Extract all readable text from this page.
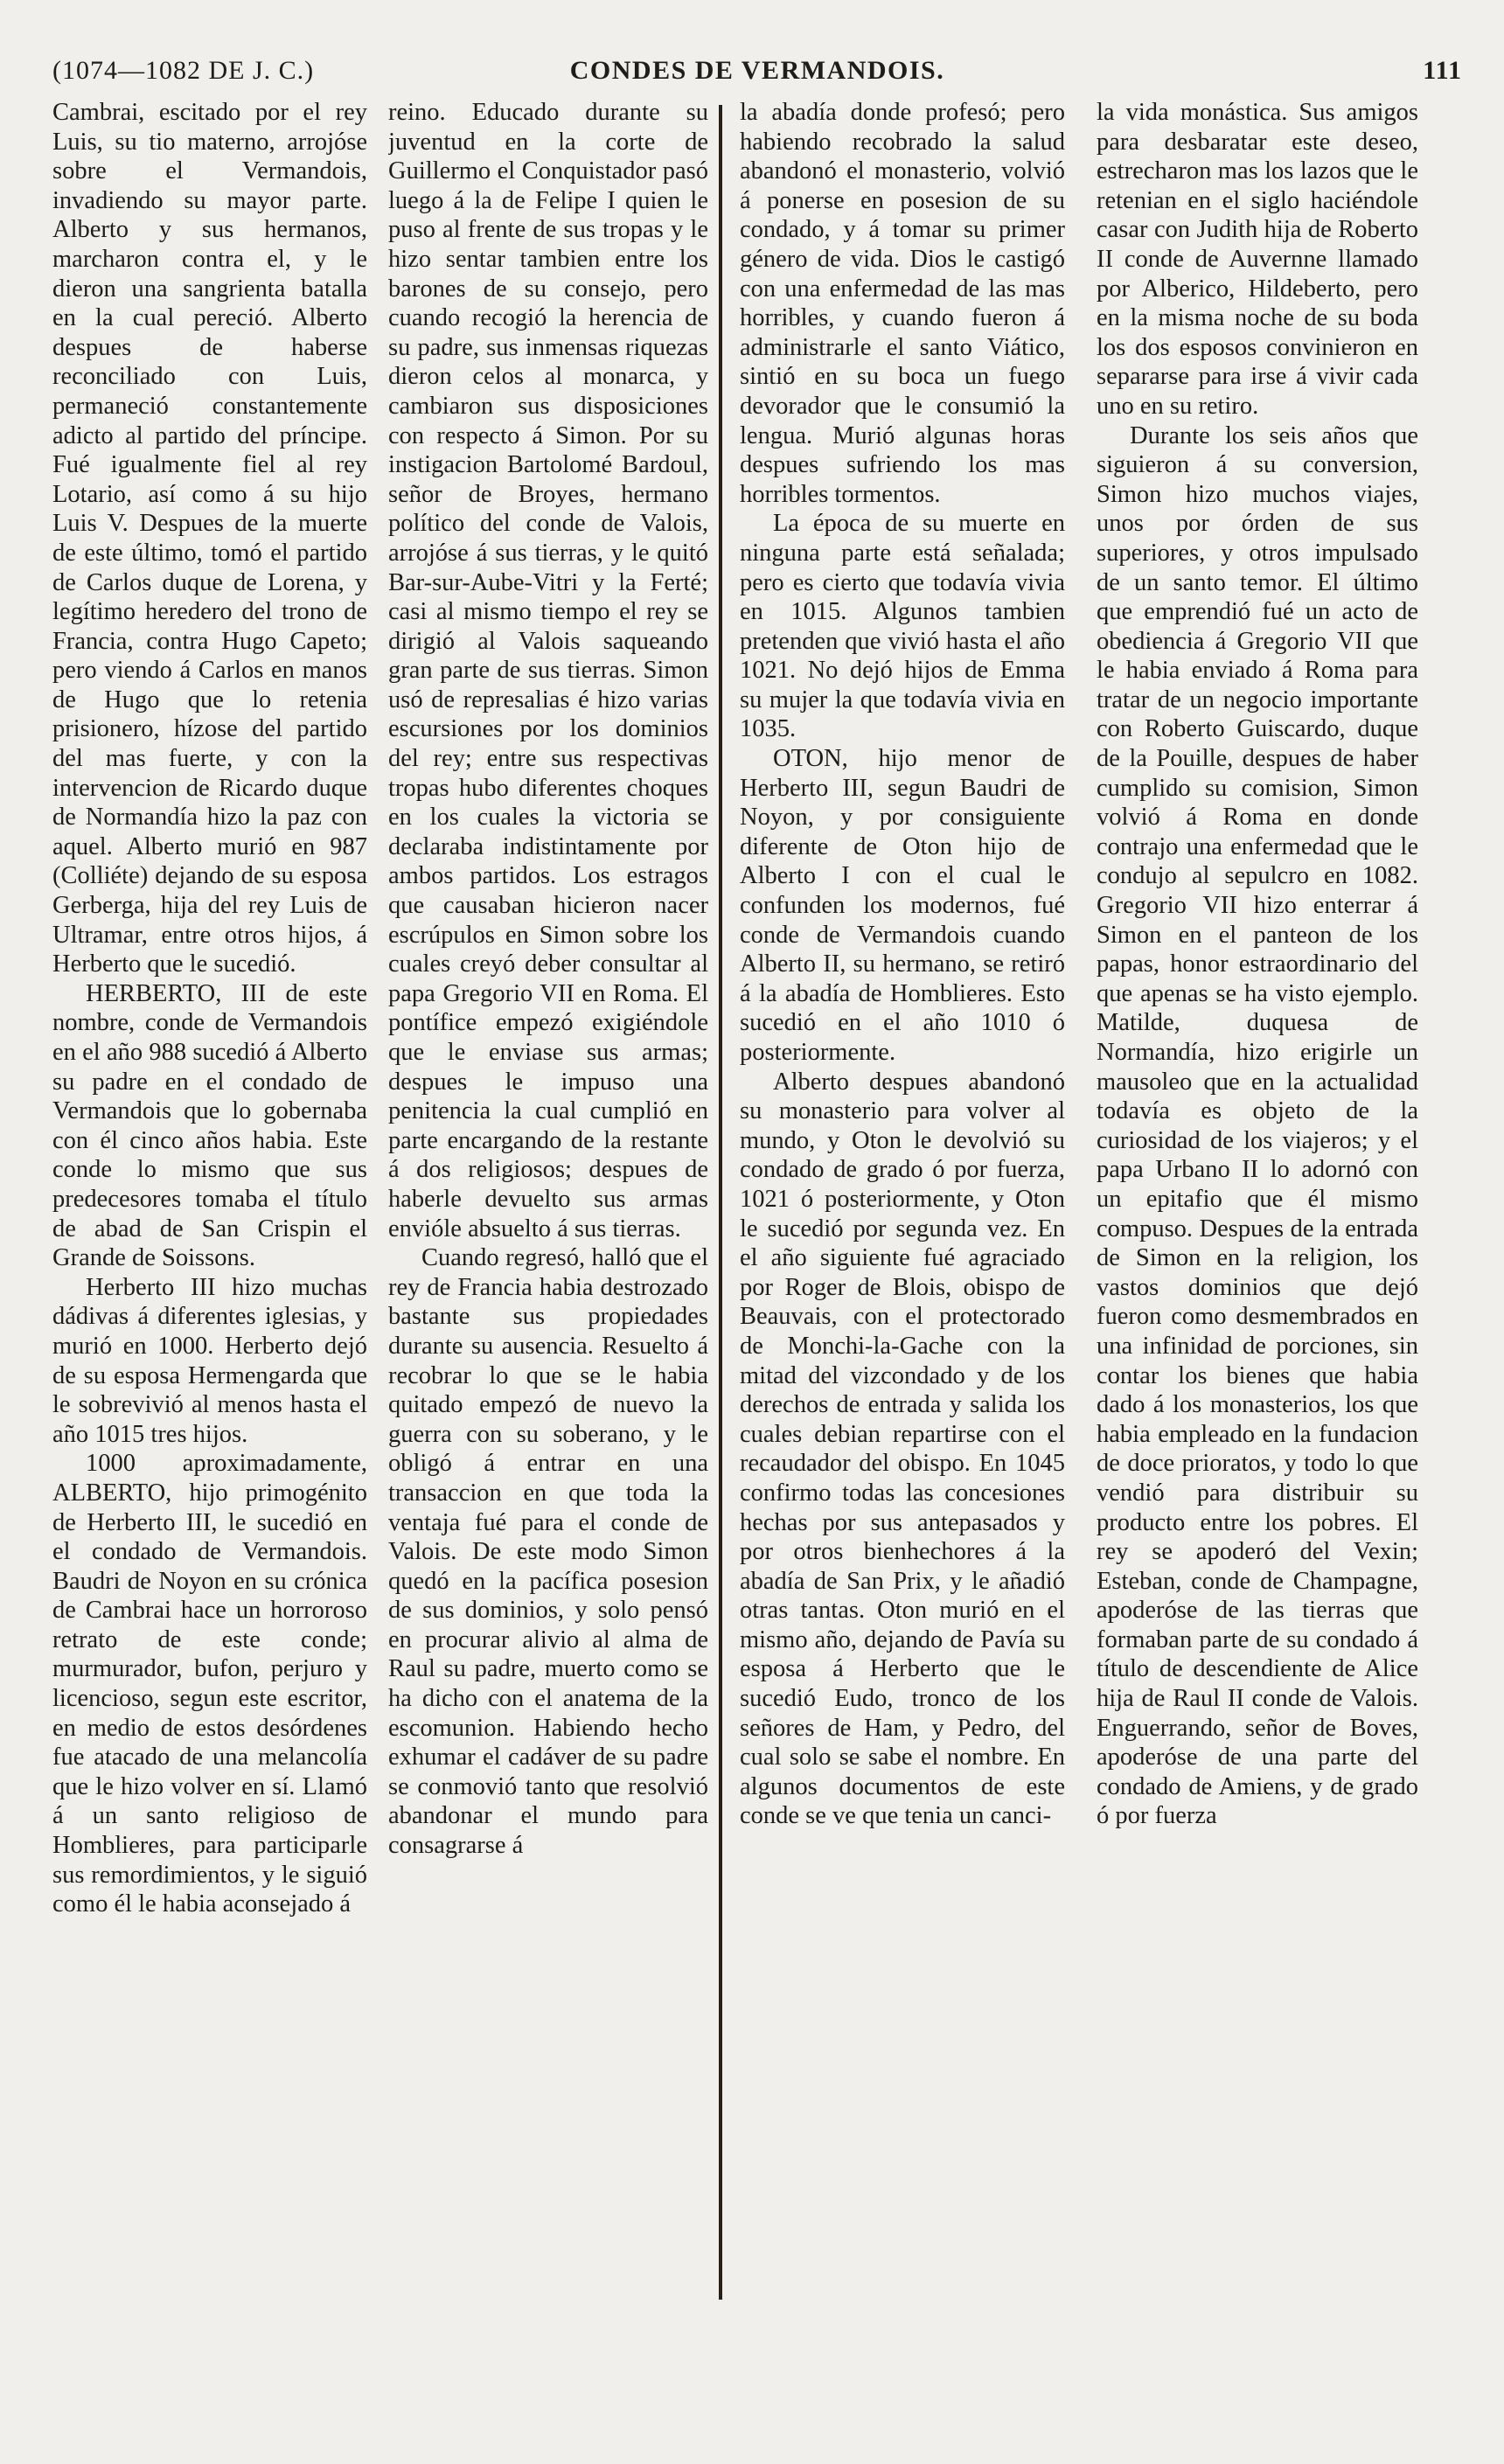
(1074—1082 DE J. C.)	CONDES DE VERMANDOIS.	111

Cambrai, escitado por el rey Luis, su tio materno, arrojóse sobre el Vermandois, invadiendo su mayor parte. Alberto y sus hermanos, marcharon contra el, y le dieron una sangrienta batalla en la cual pereció. Alberto despues de haberse reconciliado con Luis, permaneció constantemente adicto al partido del príncipe. Fué igualmente fiel al rey Lotario, así como á su hijo Luis V. Despues de la muerte de este último, tomó el partido de Carlos duque de Lorena, y legítimo heredero del trono de Francia, contra Hugo Capeto; pero viendo á Carlos en manos de Hugo que lo retenia prisionero, hízose del partido del mas fuerte, y con la intervencion de Ricardo duque de Normandía hizo la paz con aquel. Alberto murió en 987 (Colliéte) dejando de su esposa Gerberga, hija del rey Luis de Ultramar, entre otros hijos, á Herberto que le sucedió.

HERBERTO, III de este nombre, conde de Vermandois en el año 988 sucedió á Alberto su padre en el condado de Vermandois que lo gobernaba con él cinco años habia. Este conde lo mismo que sus predecesores tomaba el título de abad de San Crispin el Grande de Soissons.

Herberto III hizo muchas dádivas á diferentes iglesias, y murió en 1000. Herberto dejó de su esposa Hermengarda que le sobrevivió al menos hasta el año 1015 tres hijos.

1000 aproximadamente, ALBERTO, hijo primogénito de Herberto III, le sucedió en el condado de Vermandois. Baudri de Noyon en su crónica de Cambrai hace un horroroso retrato de este conde; murmurador, bufon, perjuro y licencioso, segun este escritor, en medio de estos desórdenes fue atacado de una melancolía que le hizo volver en sí. Llamó á un santo religioso de Homblieres, para participarle sus remordimientos, y le siguió como él le habia aconsejado á

reino. Educado durante su juventud en la corte de Guillermo el Conquistador pasó luego á la de Felipe I quien le puso al frente de sus tropas y le hizo sentar tambien entre los barones de su consejo, pero cuando recogió la herencia de su padre, sus inmensas riquezas dieron celos al monarca, y cambiaron sus disposiciones con respecto á Simon. Por su instigacion Bartolomé Bardoul, señor de Broyes, hermano político del conde de Valois, arrojóse á sus tierras, y le quitó Bar-sur-Aube-Vitri y la Ferté; casi al mismo tiempo el rey se dirigió al Valois saqueando gran parte de sus tierras. Simon usó de represalias é hizo varias escursiones por los dominios del rey; entre sus respectivas tropas hubo diferentes choques en los cuales la victoria se declaraba indistintamente por ambos partidos. Los estragos que causaban hicieron nacer escrúpulos en Simon sobre los cuales creyó deber consultar al papa Gregorio VII en Roma. El pontífice empezó exigiéndole que le enviase sus armas; despues le impuso una penitencia la cual cumplió en parte encargando de la restante á dos religiosos; despues de haberle devuelto sus armas envióle absuelto á sus tierras.

Cuando regresó, halló que el rey de Francia habia destrozado bastante sus propiedades durante su ausencia. Resuelto á recobrar lo que se le habia quitado empezó de nuevo la guerra con su soberano, y le obligó á entrar en una transaccion en que toda la ventaja fué para el conde de Valois. De este modo Simon quedó en la pacífica posesion de sus dominios, y solo pensó en procurar alivio al alma de Raul su padre, muerto como se ha dicho con el anatema de la escomunion. Habiendo hecho exhumar el cadáver de su padre se conmovió tanto que resolvió abandonar el mundo para consagrarse á

la abadía donde profesó; pero habiendo recobrado la salud abandonó el monasterio, volvió á ponerse en posesion de su condado, y á tomar su primer género de vida. Dios le castigó con una enfermedad de las mas horribles, y cuando fueron á administrarle el santo Viático, sintió en su boca un fuego devorador que le consumió la lengua. Murió algunas horas despues sufriendo los mas horribles tormentos.

La época de su muerte en ninguna parte está señalada; pero es cierto que todavía vivia en 1015. Algunos tambien pretenden que vivió hasta el año 1021. No dejó hijos de Emma su mujer la que todavía vivia en 1035.

OTON, hijo menor de Herberto III, segun Baudri de Noyon, y por consiguiente diferente de Oton hijo de Alberto I con el cual le confunden los modernos, fué conde de Vermandois cuando Alberto II, su hermano, se retiró á la abadía de Homblieres. Esto sucedió en el año 1010 ó posteriormente.

Alberto despues abandonó su monasterio para volver al mundo, y Oton le devolvió su condado de grado ó por fuerza, 1021 ó posteriormente, y Oton le sucedió por segunda vez. En el año siguiente fué agraciado por Roger de Blois, obispo de Beauvais, con el protectorado de Monchi-la-Gache con la mitad del vizcondado y de los derechos de entrada y salida los cuales debian repartirse con el recaudador del obispo. En 1045 confirmo todas las concesiones hechas por sus antepasados y por otros bienhechores á la abadía de San Prix, y le añadió otras tantas. Oton murió en el mismo año, dejando de Pavía su esposa á Herberto que le sucedió Eudo, tronco de los señores de Ham, y Pedro, del cual solo se sabe el nombre. En algunos documentos de este conde se ve que tenia un canci-

la vida monástica. Sus amigos para desbaratar este deseo, estrecharon mas los lazos que le retenian en el siglo haciéndole casar con Judith hija de Roberto II conde de Auvernne llamado por Alberico, Hildeberto, pero en la misma noche de su boda los dos esposos convinieron en separarse para irse á vivir cada uno en su retiro.

Durante los seis años que siguieron á su conversion, Simon hizo muchos viajes, unos por órden de sus superiores, y otros impulsado de un santo temor. El último que emprendió fué un acto de obediencia á Gregorio VII que le habia enviado á Roma para tratar de un negocio importante con Roberto Guiscardo, duque de la Pouille, despues de haber cumplido su comision, Simon volvió á Roma en donde contrajo una enfermedad que le condujo al sepulcro en 1082. Gregorio VII hizo enterrar á Simon en el panteon de los papas, honor estraordinario del que apenas se ha visto ejemplo. Matilde, duquesa de Normandía, hizo erigirle un mausoleo que en la actualidad todavía es objeto de la curiosidad de los viajeros; y el papa Urbano II lo adornó con un epitafio que él mismo compuso. Despues de la entrada de Simon en la religion, los vastos dominios que dejó fueron como desmembrados en una infinidad de porciones, sin contar los bienes que habia dado á los monasterios, los que habia empleado en la fundacion de doce prioratos, y todo lo que vendió para distribuir su producto entre los pobres. El rey se apoderó del Vexin; Esteban, conde de Champagne, apoderóse de las tierras que formaban parte de su condado á título de descendiente de Alice hija de Raul II conde de Valois. Enguerrando, señor de Boves, apoderóse de una parte del condado de Amiens, y de grado ó por fuerza
